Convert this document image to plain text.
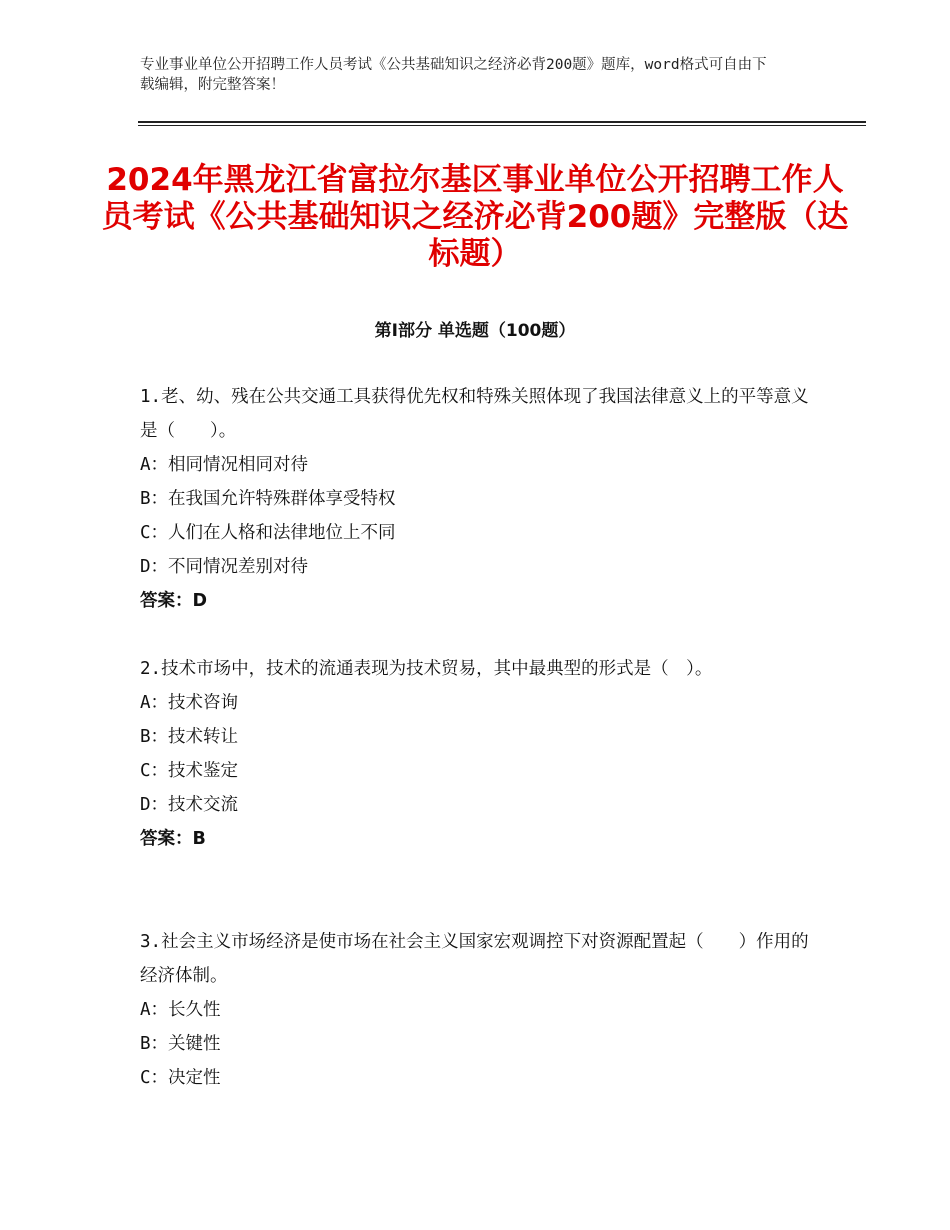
专业事业单位公开招聘工作人员考试《公共基础知识之经济必背200题》题库，word格式可自由下载编辑，附完整答案！
2024年黑龙江省富拉尔基区事业单位公开招聘工作人员考试《公共基础知识之经济必背200题》完整版（达标题）
第Ⅰ部分 单选题（100题）
1.老、幼、残在公共交通工具获得优先权和特殊关照体现了我国法律意义上的平等意义是（　　）。
A：相同情况相同对待
B：在我国允许特殊群体享受特权
C：人们在人格和法律地位上不同
D：不同情况差别对待
答案：D
2.技术市场中，技术的流通表现为技术贸易，其中最典型的形式是（　）。
A：技术咨询
B：技术转让
C：技术鉴定
D：技术交流
答案：B
3.社会主义市场经济是使市场在社会主义国家宏观调控下对资源配置起（　　）作用的经济体制。
A：长久性
B：关键性
C：决定性
